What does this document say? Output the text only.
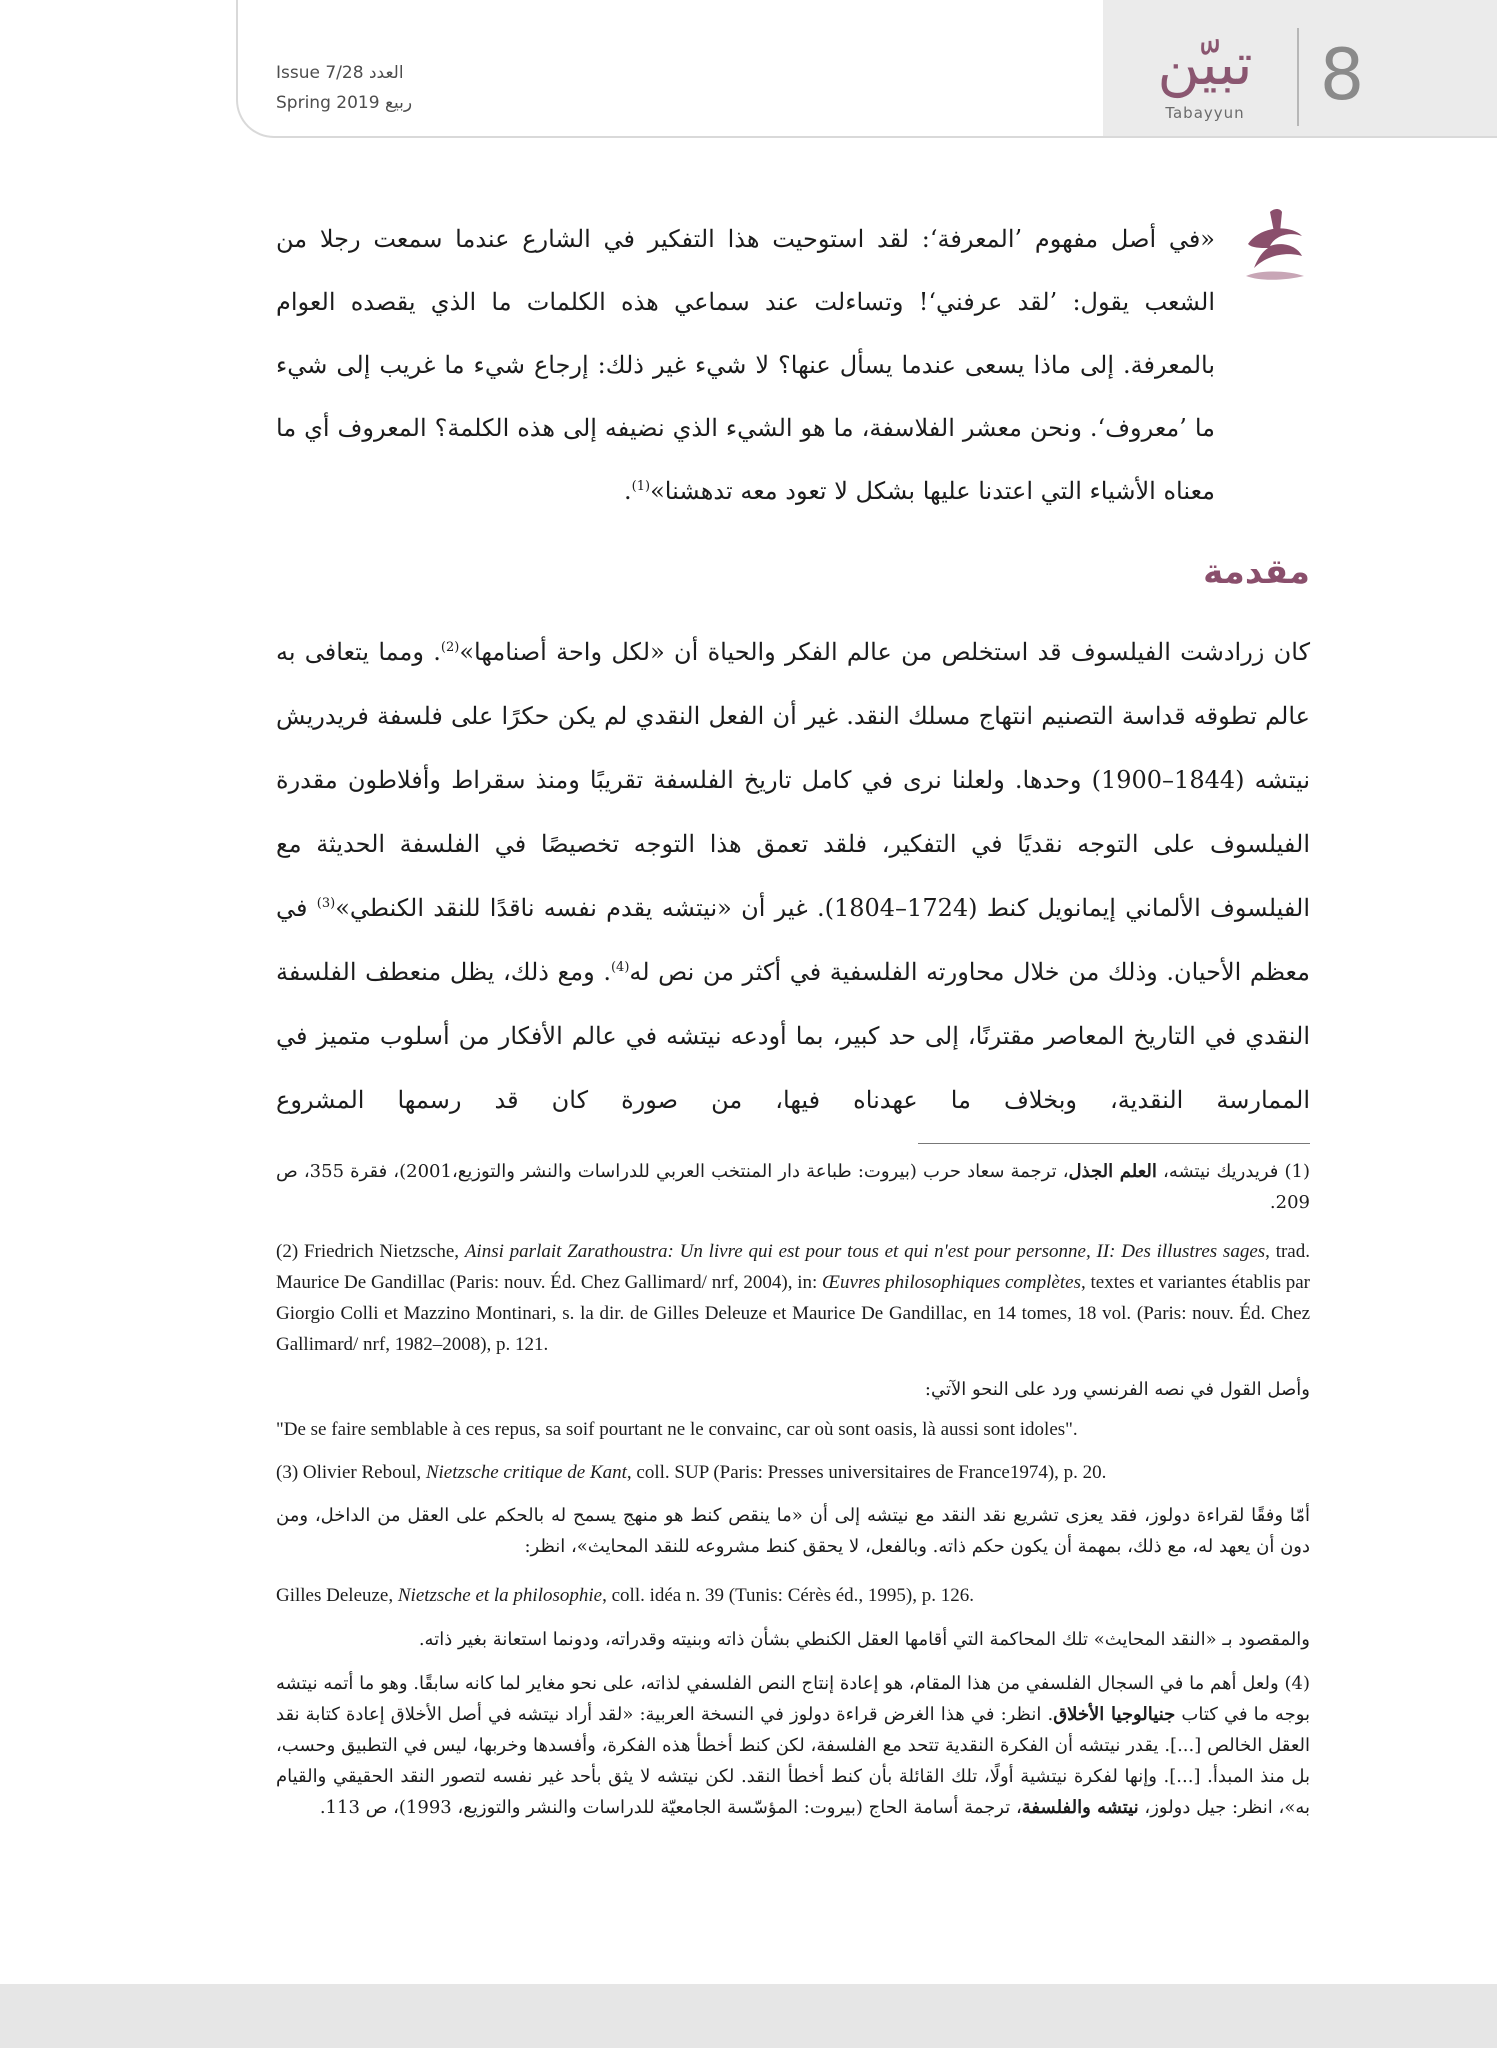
Issue 7/28 العدد
Spring 2019 ربيع
تبيّن
Tabayyun	8

«في أصل مفهوم ’المعرفة‘: لقد استوحيت هذا التفكير في الشارع عندما سمعت رجلا من الشعب يقول: ’لقد عرفني‘! وتساءلت عند سماعي هذه الكلمات ما الذي يقصده العوام بالمعرفة. إلى ماذا يسعى عندما يسأل عنها؟ لا شيء غير ذلك: إرجاع شيء ما غريب إلى شيء ما ’معروف‘. ونحن معشر الفلاسفة، ما هو الشيء الذي نضيفه إلى هذه الكلمة؟ المعروف أي ما معناه الأشياء التي اعتدنا عليها بشكل لا تعود معه تدهشنا»$^{(1)}$.

مقدمة

كان زرادشت الفيلسوف قد استخلص من عالم الفكر والحياة أن «لكل واحة أصنامها»$^{(2)}$. ومما يتعافى به عالم تطوقه قداسة التصنيم انتهاج مسلك النقد. غير أن الفعل النقدي لم يكن حكرًا على فلسفة فريدريش نيتشه (1844–1900) وحدها. ولعلنا نرى في كامل تاريخ الفلسفة تقريبًا ومنذ سقراط وأفلاطون مقدرة الفيلسوف على التوجه نقديًا في التفكير، فلقد تعمق هذا التوجه تخصيصًا في الفلسفة الحديثة مع الفيلسوف الألماني إيمانويل كنط (1724–1804). غير أن «نيتشه يقدم نفسه ناقدًا للنقد الكنطي»$^{(3)}$ في معظم الأحيان. وذلك من خلال محاورته الفلسفية في أكثر من نص له$^{(4)}$. ومع ذلك، يظل منعطف الفلسفة النقدي في التاريخ المعاصر مقترنًا، إلى حد كبير، بما أودعه نيتشه في عالم الأفكار من أسلوب متميز في الممارسة النقدية، وبخلاف ما عهدناه فيها، من صورة كان قد رسمها المشروع

(1) فريدريك نيتشه، العلم الجذل، ترجمة سعاد حرب (بيروت: طباعة دار المنتخب العربي للدراسات والنشر والتوزيع،2001)، فقرة 355، ص 209.

(2) Friedrich Nietzsche, Ainsi parlait Zarathoustra: Un livre qui est pour tous et qui n'est pour personne, II: Des illustres sages, trad. Maurice De Gandillac (Paris: nouv. Éd. Chez Gallimard/ nrf, 2004), in: Œuvres philosophiques complètes, textes et variantes établis par Giorgio Colli et Mazzino Montinari, s. la dir. de Gilles Deleuze et Maurice De Gandillac, en 14 tomes, 18 vol. (Paris: nouv. Éd. Chez Gallimard/ nrf, 1982–2008), p. 121.

وأصل القول في نصه الفرنسي ورد على النحو الآتي:
"De se faire semblable à ces repus, sa soif pourtant ne le convainc, car où sont oasis, là aussi sont idoles".

(3) Olivier Reboul, Nietzsche critique de Kant, coll. SUP (Paris: Presses universitaires de France1974), p. 20.

أمّا وفقًا لقراءة دولوز، فقد يعزى تشريع نقد النقد مع نيتشه إلى أن «ما ينقص كنط هو منهج يسمح له بالحكم على العقل من الداخل، ومن دون أن يعهد له، مع ذلك، بمهمة أن يكون حكم ذاته. وبالفعل، لا يحقق كنط مشروعه للنقد المحايث»، انظر:

Gilles Deleuze, Nietzsche et la philosophie, coll. idéa n. 39 (Tunis: Cérès éd., 1995), p. 126.

والمقصود بـ «النقد المحايث» تلك المحاكمة التي أقامها العقل الكنطي بشأن ذاته وبنيته وقدراته، ودونما استعانة بغير ذاته.

(4) ولعل أهم ما في السجال الفلسفي من هذا المقام، هو إعادة إنتاج النص الفلسفي لذاته، على نحو مغاير لما كانه سابقًا. وهو ما أتمه نيتشه بوجه ما في كتاب جنيالوجيا الأخلاق. انظر: في هذا الغرض قراءة دولوز في النسخة العربية: «لقد أراد نيتشه في أصل الأخلاق إعادة كتابة نقد العقل الخالص [...]. يقدر نيتشه أن الفكرة النقدية تتحد مع الفلسفة، لكن كنط أخطأ هذه الفكرة، وأفسدها وخربها، ليس في التطبيق وحسب، بل منذ المبدأ. [...]. وإنها لفكرة نيتشية أولًا، تلك القائلة بأن كنط أخطأ النقد. لكن نيتشه لا يثق بأحد غير نفسه لتصور النقد الحقيقي والقيام به»، انظر: جيل دولوز، نيتشه والفلسفة، ترجمة أسامة الحاج (بيروت: المؤسّسة الجامعيّة للدراسات والنشر والتوزيع، 1993)، ص 113.
